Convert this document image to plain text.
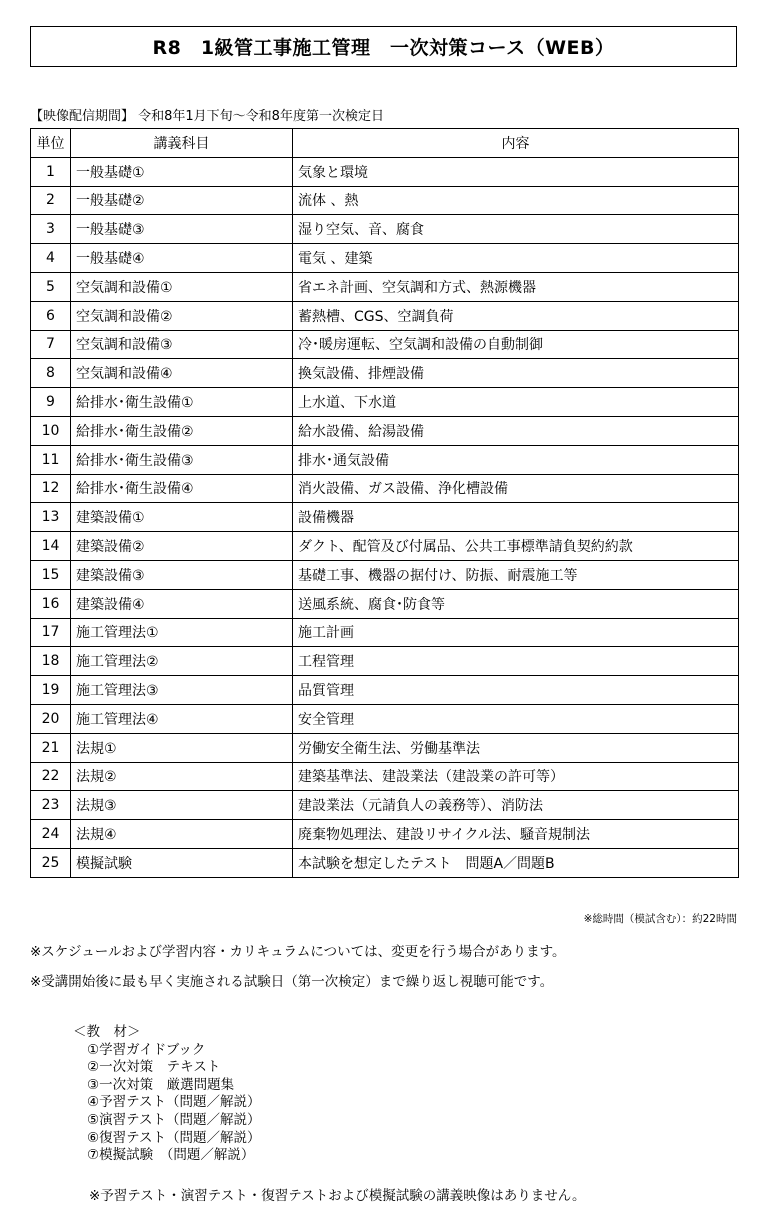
R8　1級管工事施工管理　一次対策コース（WEB）
【映像配信期間】 令和8年1月下旬～令和8年度第一次検定日
単位	講義科目	内容
1	一般基礎①	気象と環境
2	一般基礎②	流体 、熱
3	一般基礎③	湿り空気、音、腐食
4	一般基礎④	電気 、建築
5	空気調和設備①	省エネ計画、空気調和方式、熱源機器
6	空気調和設備②	蓄熱槽、CGS、空調負荷
7	空気調和設備③	冷･暖房運転、空気調和設備の自動制御
8	空気調和設備④	換気設備、排煙設備
9	給排水･衛生設備①	上水道、下水道
10	給排水･衛生設備②	給水設備、給湯設備
11	給排水･衛生設備③	排水･通気設備
12	給排水･衛生設備④	消火設備、ガス設備、浄化槽設備
13	建築設備①	設備機器
14	建築設備②	ダクト、配管及び付属品、公共工事標準請負契約約款
15	建築設備③	基礎工事、機器の据付け、防振、耐震施工等
16	建築設備④	送風系統、腐食･防食等
17	施工管理法①	施工計画
18	施工管理法②	工程管理
19	施工管理法③	品質管理
20	施工管理法④	安全管理
21	法規①	労働安全衛生法、労働基準法
22	法規②	建築基準法、建設業法（建設業の許可等）
23	法規③	建設業法（元請負人の義務等）、消防法
24	法規④	廃棄物処理法、建設リサイクル法、騒音規制法
25	模擬試験	本試験を想定したテスト　問題A／問題B
※総時間（模試含む）：約22時間
※スケジュールおよび学習内容・カリキュラムについては、変更を行う場合があります。
※受講開始後に最も早く実施される試験日（第一次検定）まで繰り返し視聴可能です。
＜教　材＞
①学習ガイドブック
②一次対策　テキスト
③一次対策　厳選問題集
④予習テスト（問題／解説）
⑤演習テスト（問題／解説）
⑥復習テスト（問題／解説）
⑦模擬試験　（問題／解説）
※予習テスト・演習テスト・復習テストおよび模擬試験の講義映像はありません。
